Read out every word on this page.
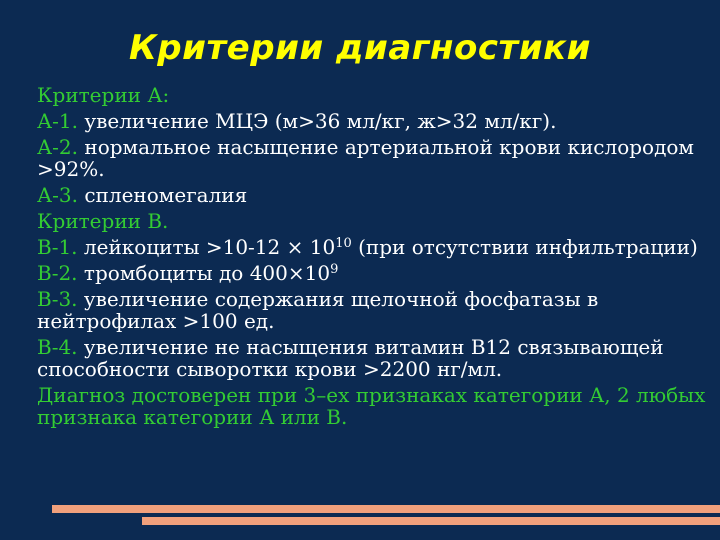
Критерии диагностики
Критерии А:
А-1. увеличение МЦЭ (м>36 мл/кг, ж>32 мл/кг).
А-2. нормальное насыщение артериальной крови кислородом >92%.
А-3. спленомегалия
Критерии В.
В-1. лейкоциты $>10-12 \times 10^{10}$ (при отсутствии инфильтрации)
В-2. тромбоциты до $400\times 10^9$
В-3. увеличение содержания щелочной фосфатазы в нейтрофилах >100 ед.
В-4. увеличение не насыщения витамин В12 связывающей способности сыворотки крови >2200 нг/мл.
Диагноз достоверен при 3–ех признаках категории А, 2 любых признака категории А или В.
